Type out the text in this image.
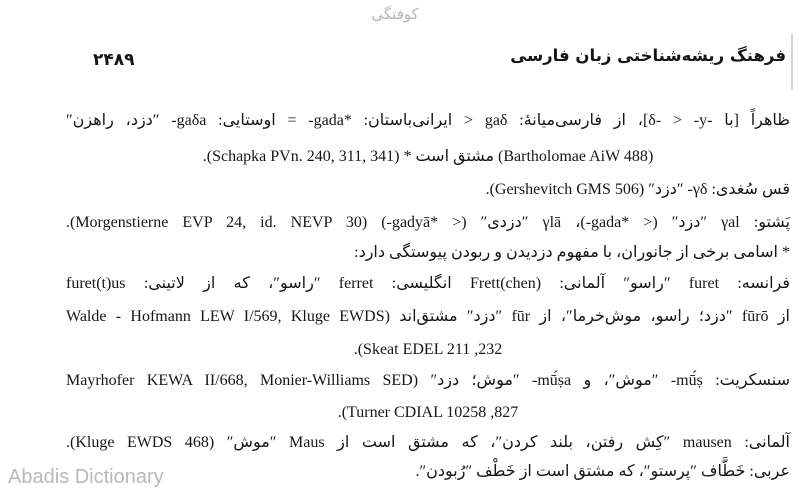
کوفتگی
۲۴۸۹	فرهنگ ریشه‌شناختی زبان فارسی
ظاهراً [با -δ- > -y]، از فارسی‌میانهٔ: gaδ < ایرانی‌باستان: *gada- = اوستایی: gaδa- ″دزد، راهزن″
(Bartholomae AiW 488) مشتق است * (Schapka PVn. 240, 311, 341).
قس سُغدی: γδ- ″دزد″ (Gershevitch GMS 506).
پَشتو: γal ″دزد″ (< *gada-)، γlā ″دزدی″ (< *gadyā-) (Morgenstierne EVP 24, id. NEVP 30).
* اسامی برخی از جانوران، با مفهوم دزدیدن و ربودن پیوستگی دارد:
فرانسه: furet ″راسو″ آلمانی: Frett(chen) انگلیسی: ferret ″راسو″، که از لاتینی: furet(t)us
از fūrō ″دزد؛ راسو، موش‌خرما″، از fūr ″دزد″ مشتق‌اند (Walde - Hofmann LEW I/569, Kluge EWDS
232, Skeat EDEL 211).
سنسکریت: mū́ṣ- ″موش″، و mū́ṣa- ″موش؛ دزد″ (Mayrhofer KEWA II/668, Monier-Williams SED
827, Turner CDIAL 10258).
آلمانی: mausen ″کِش رفتن، بلند کردن″، که مشتق است از Maus ″موش″ (Kluge EWDS 468).
عربی: خَطَّاف ″پرستو″، که مشتق است از خَطْف ″رُبودن″.
Abadis Dictionary
